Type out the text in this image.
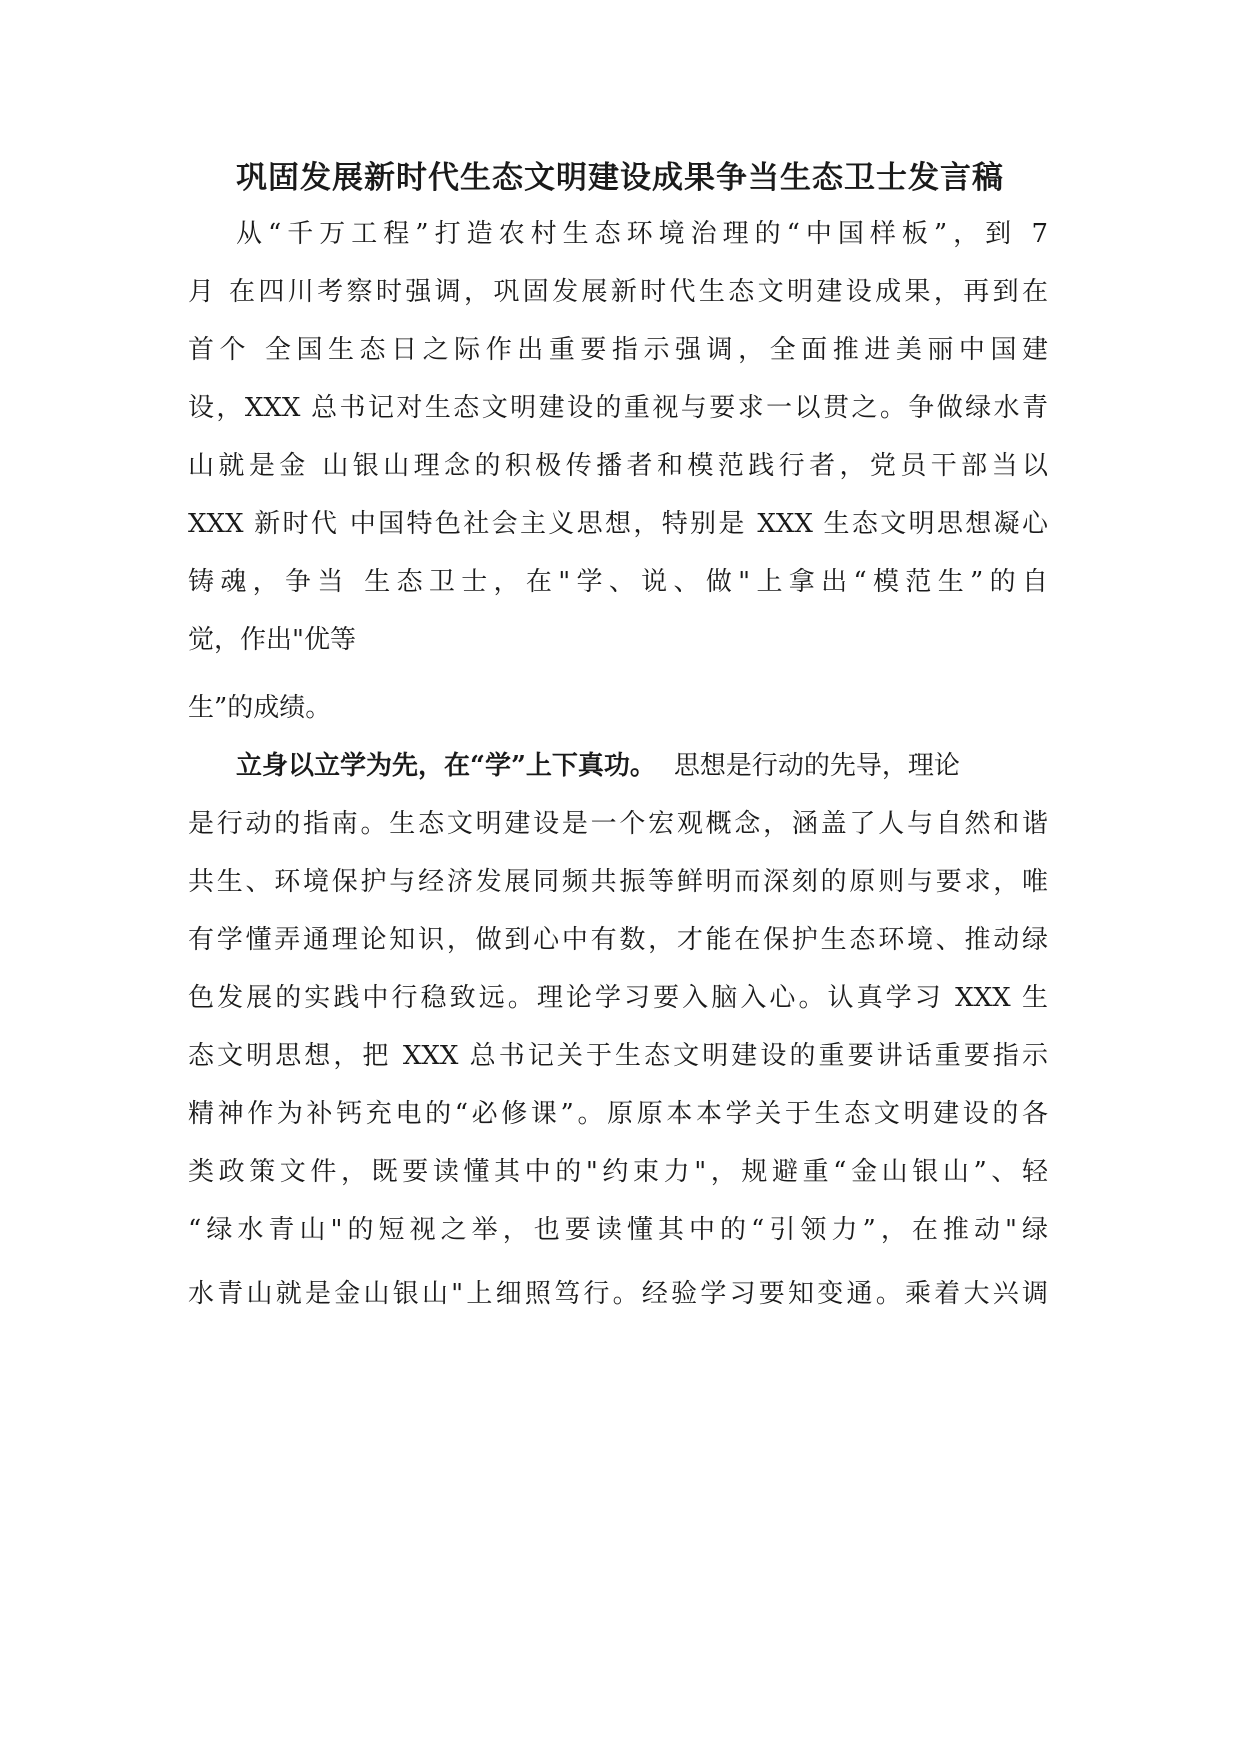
巩固发展新时代生态文明建设成果争当生态卫士发言稿
从“千万工程”打造农村生态环境治理的“中国样板”，到 7
月 在四川考察时强调，巩固发展新时代生态文明建设成果，再到在
首个 全国生态日之际作出重要指示强调，全面推进美丽中国建
设，XXX 总书记对生态文明建设的重视与要求一以贯之。争做绿水青
山就是金 山银山理念的积极传播者和模范践行者，党员干部当以
XXX 新时代 中国特色社会主义思想，特别是 XXX 生态文明思想凝心
铸魂，争当 生态卫士，在"学、说、做"上拿出“模范生”的自
觉，作出"优等
生”的成绩。
立身以立学为先，在“学”上下真功。 思想是行动的先导，理论
是行动的指南。生态文明建设是一个宏观概念，涵盖了人与自然和谐
共生、环境保护与经济发展同频共振等鲜明而深刻的原则与要求，唯
有学懂弄通理论知识，做到心中有数，才能在保护生态环境、推动绿
色发展的实践中行稳致远。理论学习要入脑入心。认真学习 XXX 生
态文明思想，把 XXX 总书记关于生态文明建设的重要讲话重要指示
精神作为补钙充电的“必修课”。原原本本学关于生态文明建设的各
类政策文件，既要读懂其中的"约束力"，规避重“金山银山”、轻
“绿水青山"的短视之举，也要读懂其中的“引领力”，在推动"绿
水青山就是金山银山"上细照笃行。经验学习要知变通。乘着大兴调
